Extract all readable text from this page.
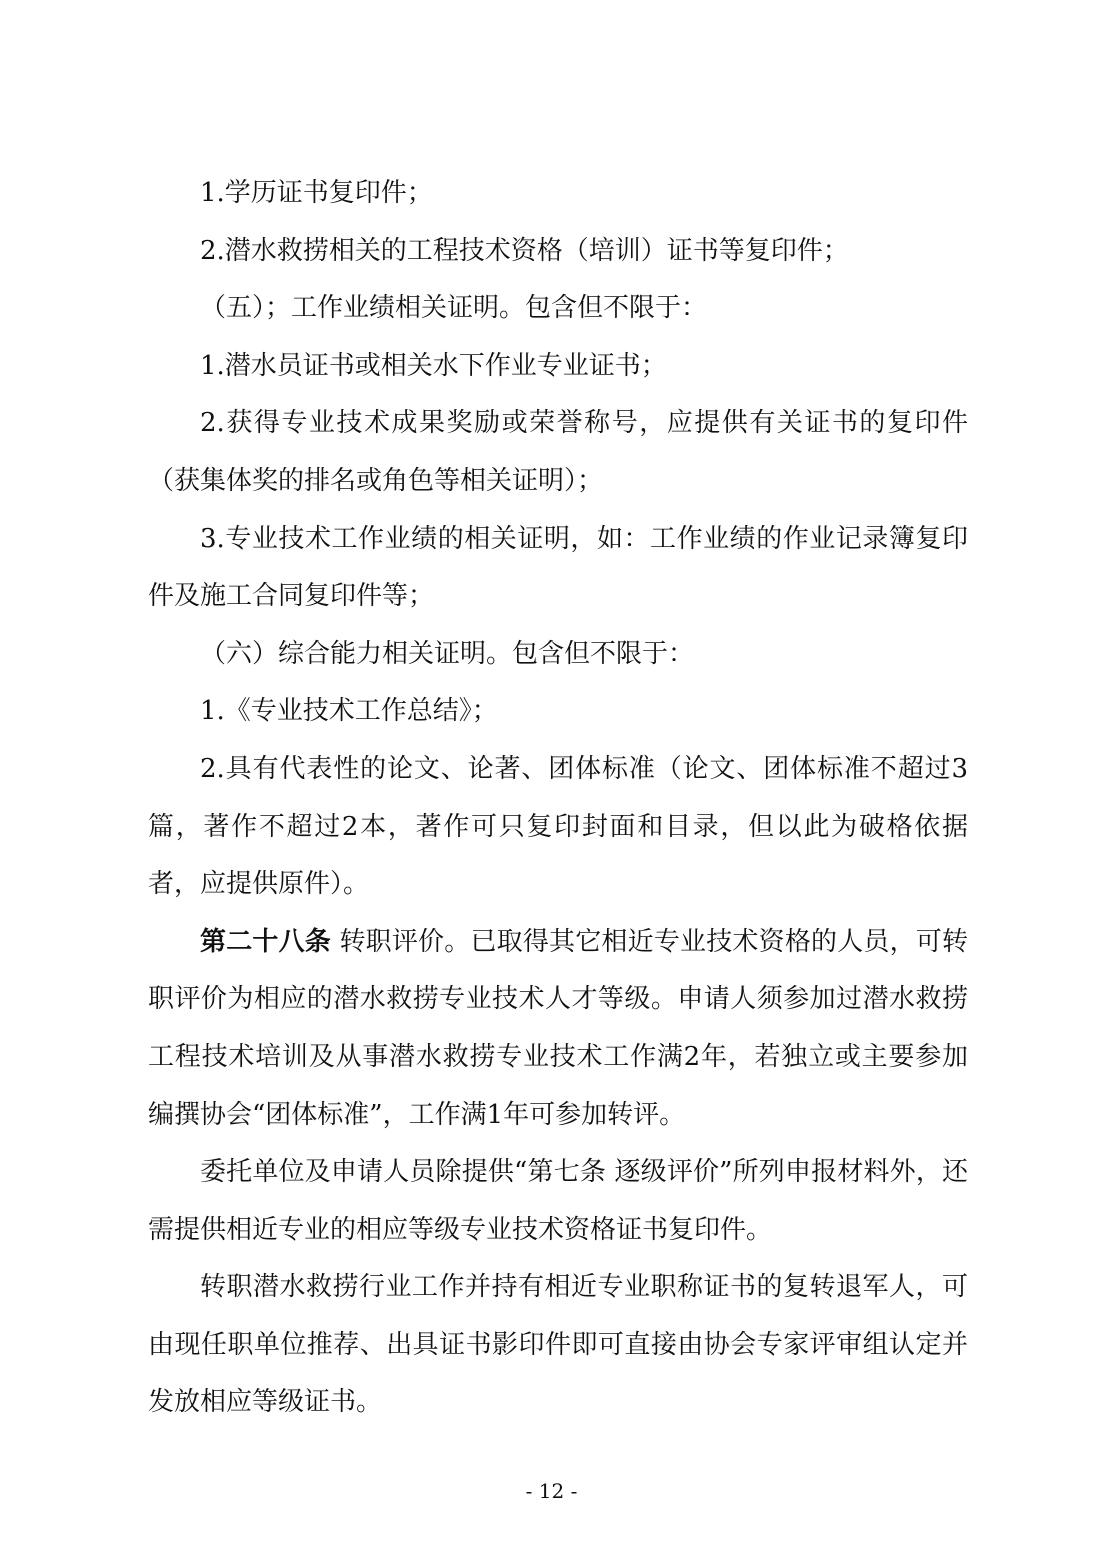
1.学历证书复印件；

2.潜水救捞相关的工程技术资格（培训）证书等复印件；

（五）；工作业绩相关证明。包含但不限于：

1.潜水员证书或相关水下作业专业证书；

2.获得专业技术成果奖励或荣誉称号，应提供有关证书的复印件（获集体奖的排名或角色等相关证明）；

3.专业技术工作业绩的相关证明，如：工作业绩的作业记录簿复印件及施工合同复印件等；

（六）综合能力相关证明。包含但不限于：

1.《专业技术工作总结》；

2.具有代表性的论文、论著、团体标准（论文、团体标准不超过3篇，著作不超过2本，著作可只复印封面和目录，但以此为破格依据者，应提供原件）。

第二十八条 转职评价。已取得其它相近专业技术资格的人员，可转职评价为相应的潜水救捞专业技术人才等级。申请人须参加过潜水救捞工程技术培训及从事潜水救捞专业技术工作满2年，若独立或主要参加编撰协会“团体标准”，工作满1年可参加转评。

委托单位及申请人员除提供“第七条 逐级评价”所列申报材料外，还需提供相近专业的相应等级专业技术资格证书复印件。

转职潜水救捞行业工作并持有相近专业职称证书的复转退军人，可由现任职单位推荐、出具证书影印件即可直接由协会专家评审组认定并发放相应等级证书。

- 12 -
